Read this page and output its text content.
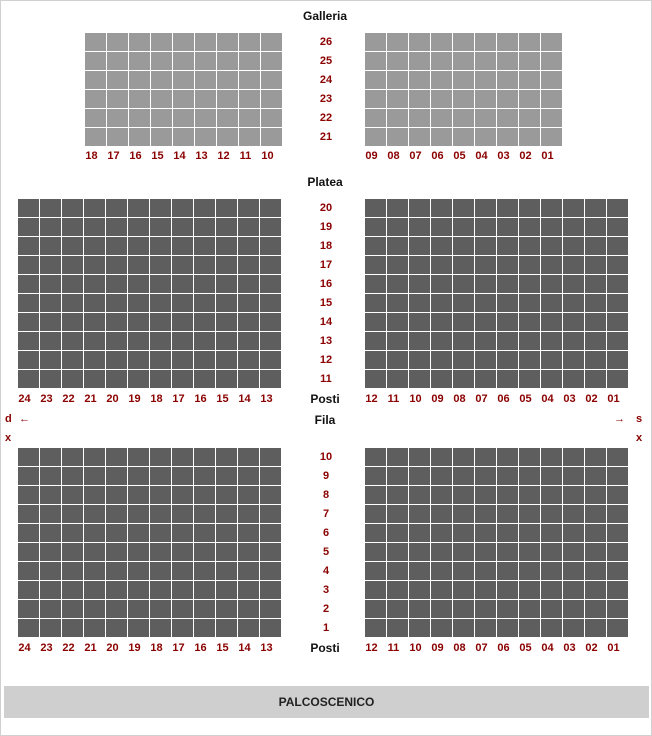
Galleria
Platea
Fila
Posti
Posti
d ←
x
→ s
x
26
25
24
23
22
21
20
19
18
17
16
15
14
13
12
11
10
9
8
7
6
5
4
3
2
1
18 17 16 15 14 13 12 11 10	09 08 07 06 05 04 03 02 01
24 23 22 21 20 19 18 17 16 15 14 13	12 11 10 09 08 07 06 05 04 03 02 01
24 23 22 21 20 19 18 17 16 15 14 13	12 11 10 09 08 07 06 05 04 03 02 01
PALCOSCENICO
